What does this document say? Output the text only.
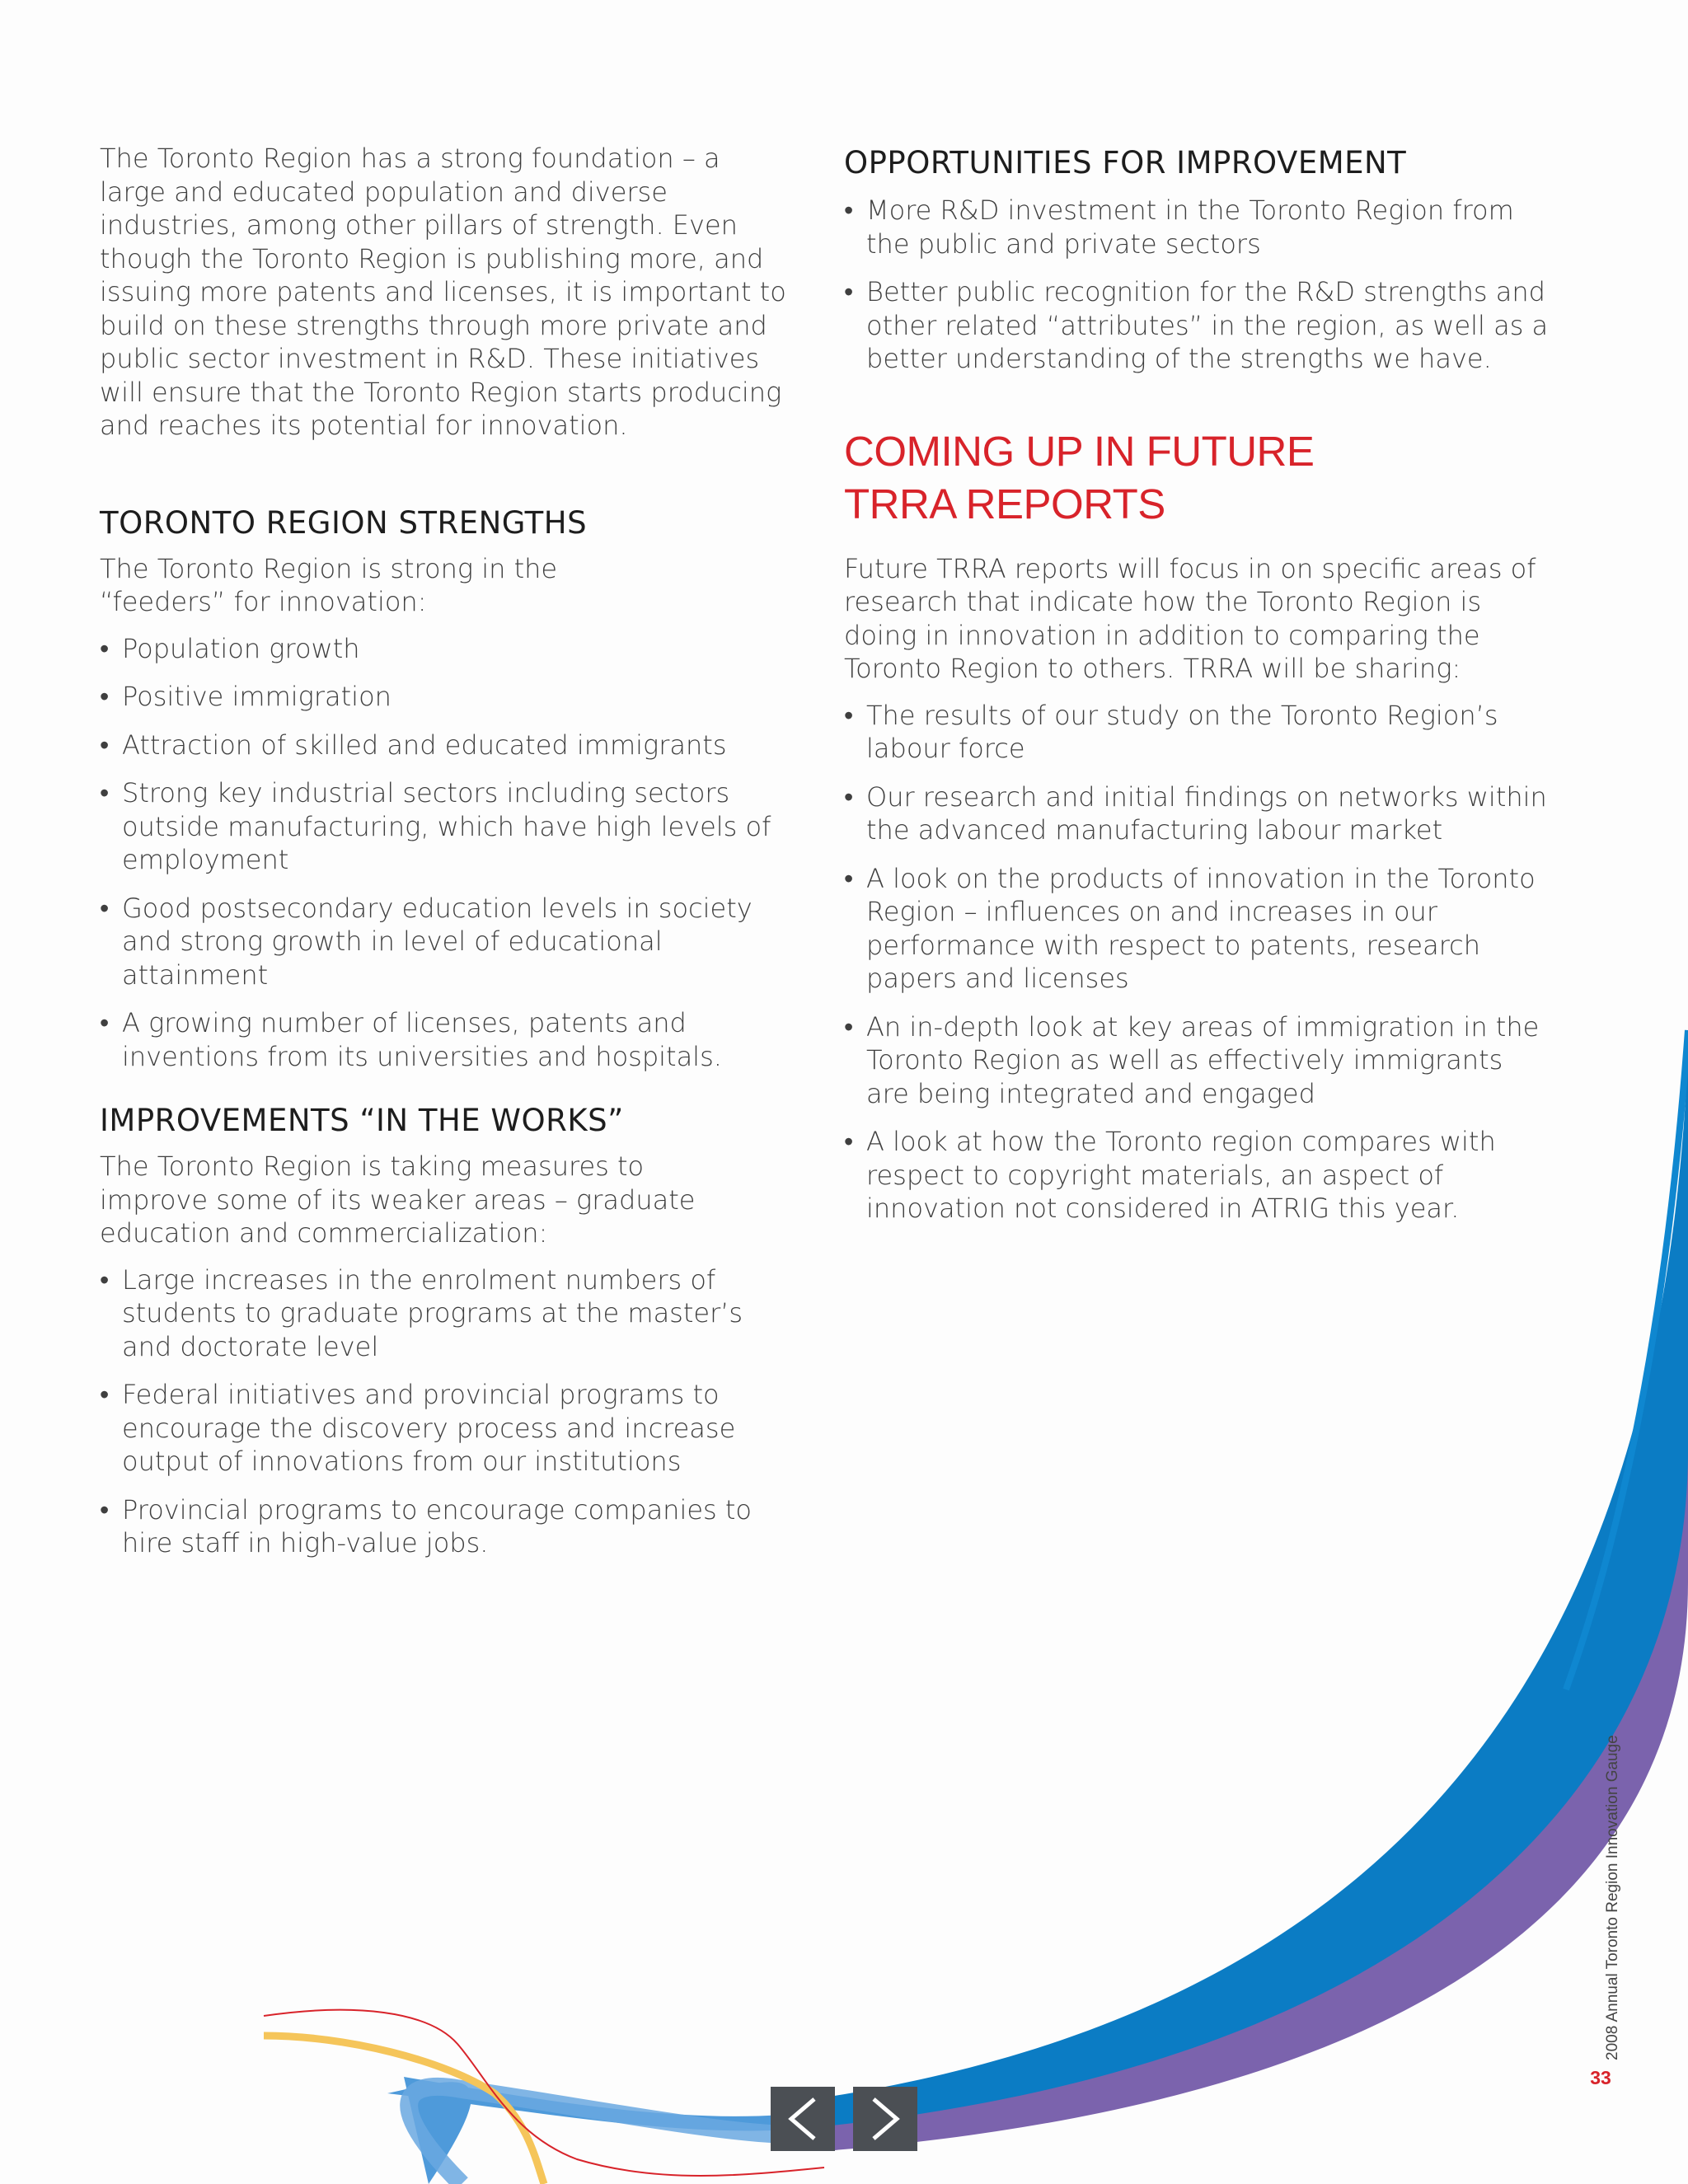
The Toronto Region has a strong foundation – a large and educated population and diverse industries, among other pillars of strength. Even though the Toronto Region is publishing more, and issuing more patents and licenses, it is important to build on these strengths through more private and public sector investment in R&D. These initiatives will ensure that the Toronto Region starts producing and reaches its potential for innovation.

TORONTO REGION STRENGTHS

The Toronto Region is strong in the “feeders” for innovation:

• Population growth
• Positive immigration
• Attraction of skilled and educated immigrants
• Strong key industrial sectors including sectors outside manufacturing, which have high levels of employment
• Good postsecondary education levels in society and strong growth in level of educational attainment
• A growing number of licenses, patents and inventions from its universities and hospitals.
IMPROVEMENTS “IN THE WORKS”

The Toronto Region is taking measures to improve some of its weaker areas – graduate education and commercialization:

• Large increases in the enrolment numbers of students to graduate programs at the master’s and doctorate level
• Federal initiatives and provincial programs to encourage the discovery process and increase output of innovations from our institutions
• Provincial programs to encourage companies to hire staff in high-value jobs.
OPPORTUNITIES FOR IMPROVEMENT
• More R&D investment in the Toronto Region from the public and private sectors
• Better public recognition for the R&D strengths and other related “attributes” in the region, as well as a better understanding of the strengths we have.
COMING UP IN FUTURE
TRRA REPORTS

Future TRRA reports will focus in on specific areas of research that indicate how the Toronto Region is doing in innovation in addition to comparing the Toronto Region to others. TRRA will be sharing:

• The results of our study on the Toronto Region’s labour force
• Our research and initial findings on networks within the advanced manufacturing labour market
• A look on the products of innovation in the Toronto Region – influences on and increases in our performance with respect to patents, research papers and licenses
• An in-depth look at key areas of immigration in the Toronto Region as well as effectively immigrants are being integrated and engaged
• A look at how the Toronto region compares with respect to copyright materials, an aspect of innovation not considered in ATRIG this year.
2008 Annual Toronto Region Innovation Gauge
33
